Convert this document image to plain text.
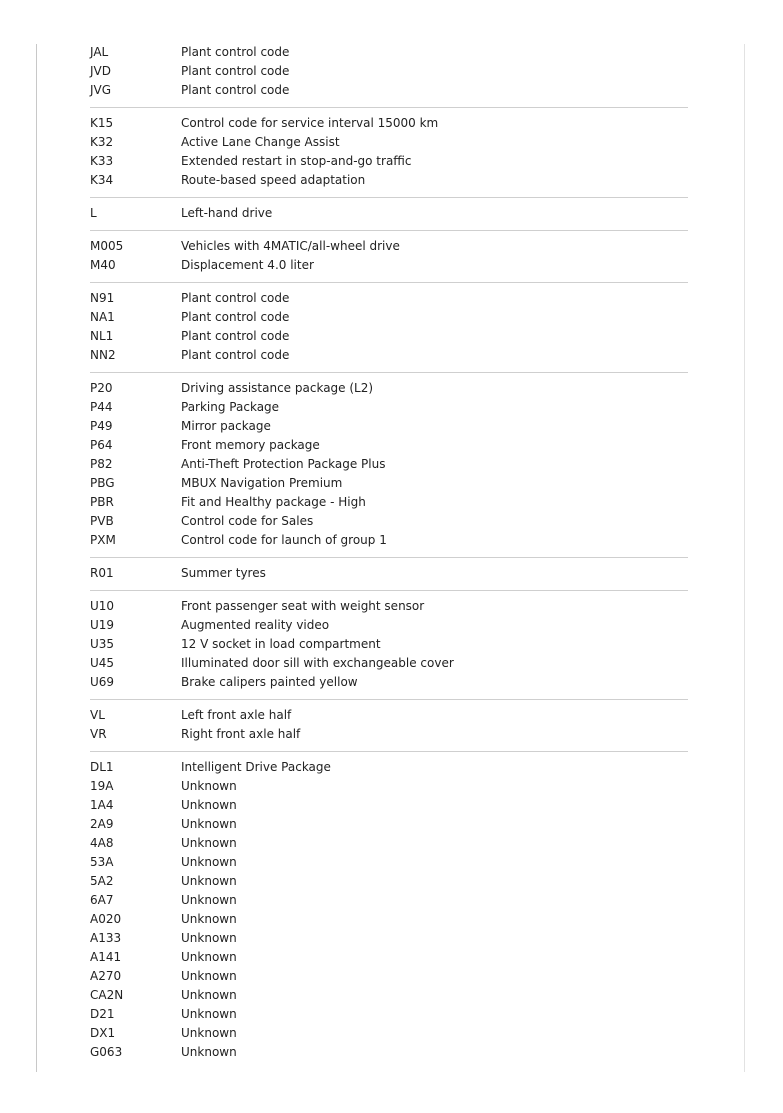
JAL	Plant control code
JVD	Plant control code
JVG	Plant control code
K15	Control code for service interval 15000 km
K32	Active Lane Change Assist
K33	Extended restart in stop-and-go traffic
K34	Route-based speed adaptation
L	Left-hand drive
M005	Vehicles with 4MATIC/all-wheel drive
M40	Displacement 4.0 liter
N91	Plant control code
NA1	Plant control code
NL1	Plant control code
NN2	Plant control code
P20	Driving assistance package (L2)
P44	Parking Package
P49	Mirror package
P64	Front memory package
P82	Anti-Theft Protection Package Plus
PBG	MBUX Navigation Premium
PBR	Fit and Healthy package - High
PVB	Control code for Sales
PXM	Control code for launch of group 1
R01	Summer tyres
U10	Front passenger seat with weight sensor
U19	Augmented reality video
U35	12 V socket in load compartment
U45	Illuminated door sill with exchangeable cover
U69	Brake calipers painted yellow
VL	Left front axle half
VR	Right front axle half
DL1	Intelligent Drive Package
19A	Unknown
1A4	Unknown
2A9	Unknown
4A8	Unknown
53A	Unknown
5A2	Unknown
6A7	Unknown
A020	Unknown
A133	Unknown
A141	Unknown
A270	Unknown
CA2N	Unknown
D21	Unknown
DX1	Unknown
G063	Unknown
